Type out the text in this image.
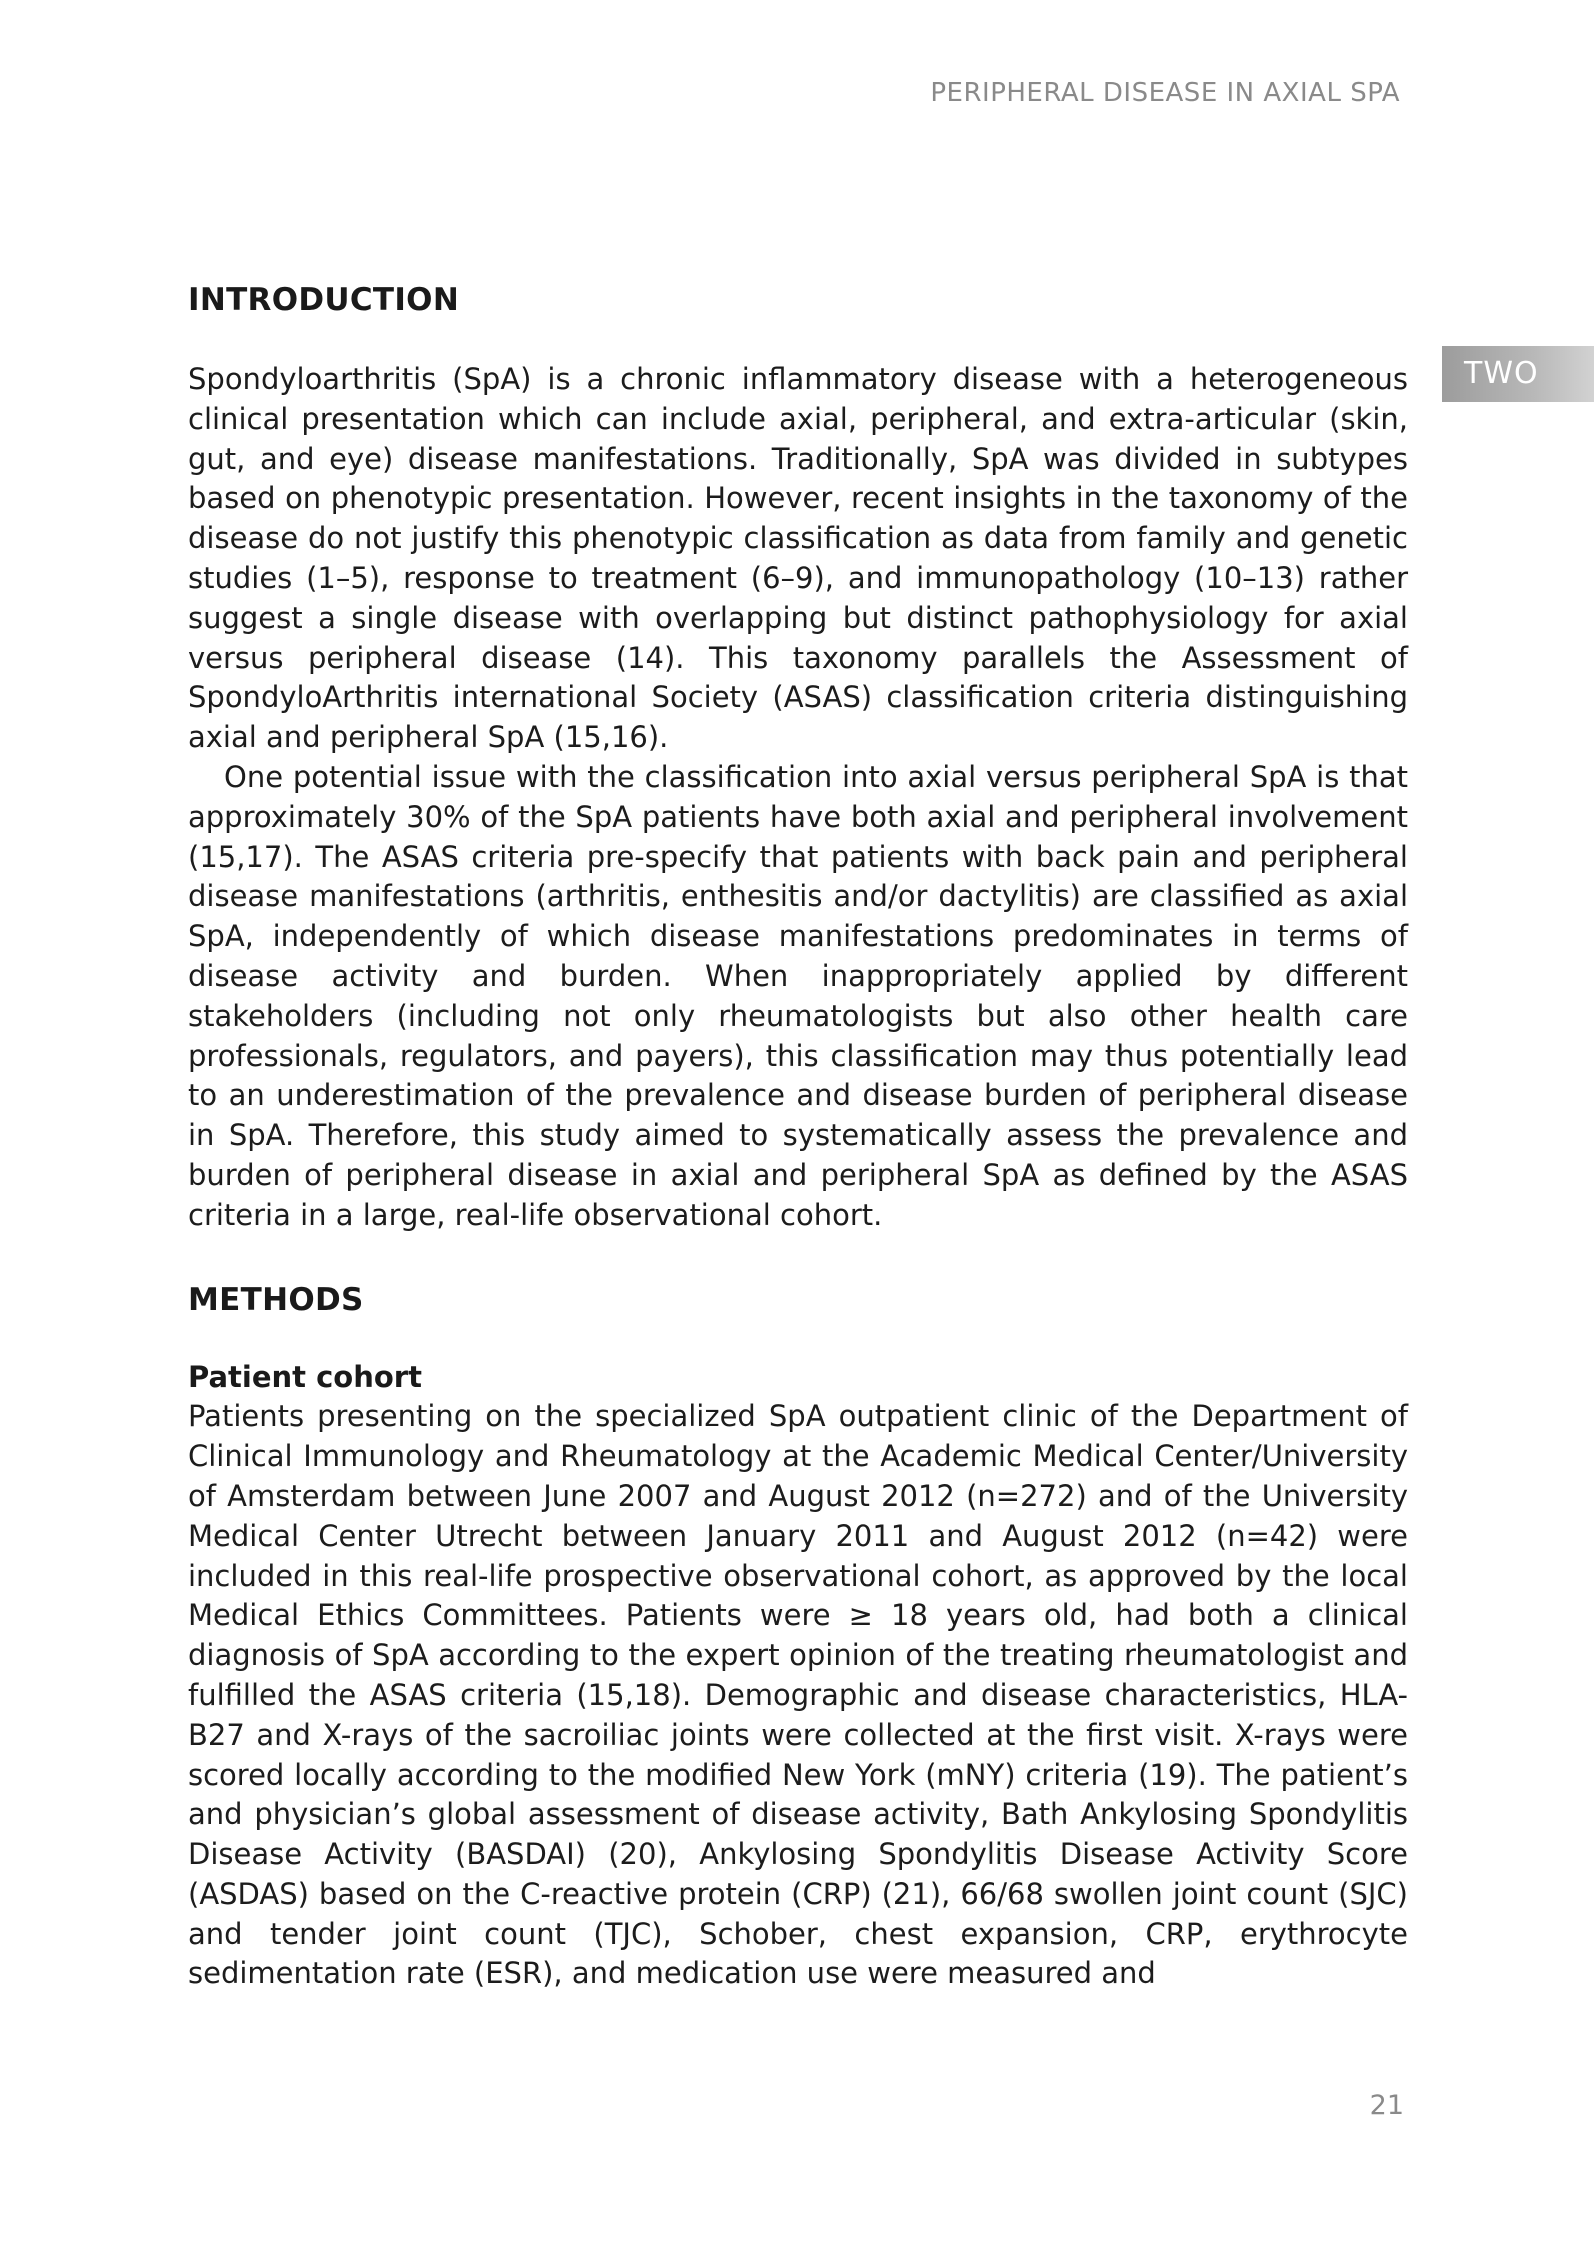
PERIPHERAL DISEASE IN AXIAL SPA
TWO
INTRODUCTION

Spondyloarthritis (SpA) is a chronic inflammatory disease with a heterogeneous clinical presentation which can include axial, peripheral, and extra-articular (skin, gut, and eye) disease manifestations. Traditionally, SpA was divided in subtypes based on phenotypic presentation. However, recent insights in the taxonomy of the disease do not justify this phenotypic classification as data from family and genetic studies (1–5), response to treatment (6–9), and immunopathology (10–13) rather suggest a single disease with overlapping but distinct pathophysiology for axial versus peripheral disease (14). This taxonomy parallels the Assessment of SpondyloArthritis international Society (ASAS) classification criteria distinguishing axial and peripheral SpA (15,16).

One potential issue with the classification into axial versus peripheral SpA is that approximately 30% of the SpA patients have both axial and peripheral involvement (15,17). The ASAS criteria pre-specify that patients with back pain and peripheral disease manifestations (arthritis, enthesitis and/or dactylitis) are classified as axial SpA, independently of which disease manifestations predominates in terms of disease activity and burden. When inappropriately applied by different stakeholders (including not only rheumatologists but also other health care professionals, regulators, and payers), this classification may thus potentially lead to an underestimation of the prevalence and disease burden of peripheral disease in SpA. Therefore, this study aimed to systematically assess the prevalence and burden of peripheral disease in axial and peripheral SpA as defined by the ASAS criteria in a large, real-life observational cohort.

METHODS
Patient cohort

Patients presenting on the specialized SpA outpatient clinic of the Department of Clinical Immunology and Rheumatology at the Academic Medical Center/University of Amsterdam between June 2007 and August 2012 (n=272) and of the University Medical Center Utrecht between January 2011 and August 2012 (n=42) were included in this real-life prospective observational cohort, as approved by the local Medical Ethics Committees. Patients were ≥ 18 years old, had both a clinical diagnosis of SpA according to the expert opinion of the treating rheumatologist and fulfilled the ASAS criteria (15,18). Demographic and disease characteristics, HLA-B27 and X-rays of the sacroiliac joints were collected at the first visit. X-rays were scored locally according to the modified New York (mNY) criteria (19). The patient’s and physician’s global assessment of disease activity, Bath Ankylosing Spondylitis Disease Activity (BASDAI) (20), Ankylosing Spondylitis Disease Activity Score (ASDAS) based on the C-reactive protein (CRP) (21), 66/68 swollen joint count (SJC) and tender joint count (TJC), Schober, chest expansion, CRP, erythrocyte sedimentation rate (ESR), and medication use were measured and

21
